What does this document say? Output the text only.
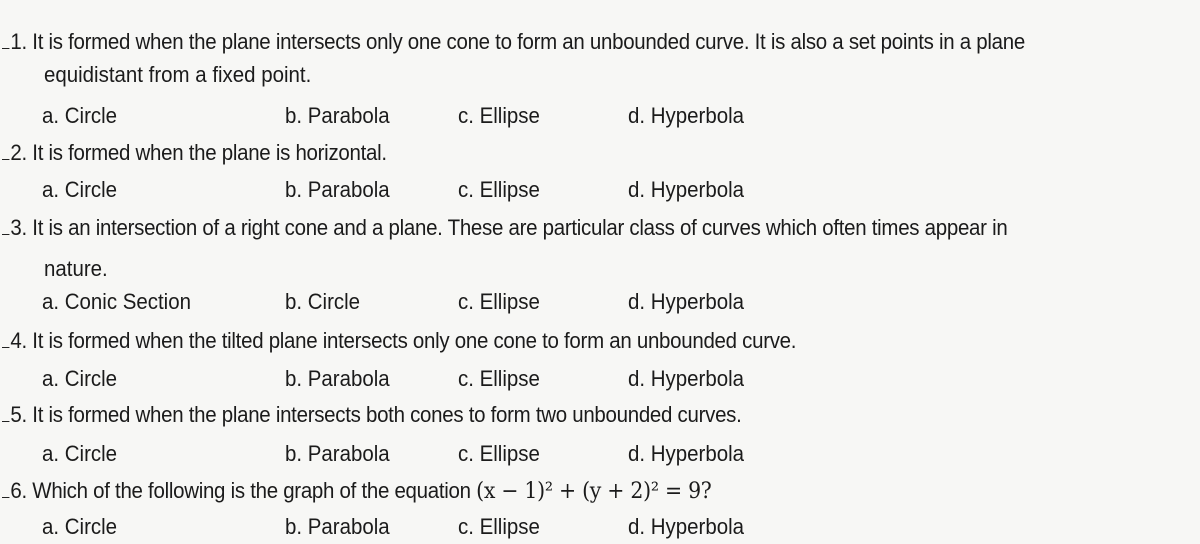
1. It is formed when the plane intersects only one cone to form an unbounded curve. It is also a set points in a plane
equidistant from a fixed point.
a. Circle	b. Parabola	c. Ellipse	d. Hyperbola
2. It is formed when the plane is horizontal.
a. Circle	b. Parabola	c. Ellipse	d. Hyperbola
3. It is an intersection of a right cone and a plane. These are particular class of curves which often times appear in
nature.
a. Conic Section	b. Circle	c. Ellipse	d. Hyperbola
4. It is formed when the tilted plane intersects only one cone to form an unbounded curve.
a. Circle	b. Parabola	c. Ellipse	d. Hyperbola
5. It is formed when the plane intersects both cones to form two unbounded curves.
a. Circle	b. Parabola	c. Ellipse	d. Hyperbola
6. Which of the following is the graph of the equation (x − 1)² + (y + 2)² = 9?
a. Circle	b. Parabola	c. Ellipse	d. Hyperbola
